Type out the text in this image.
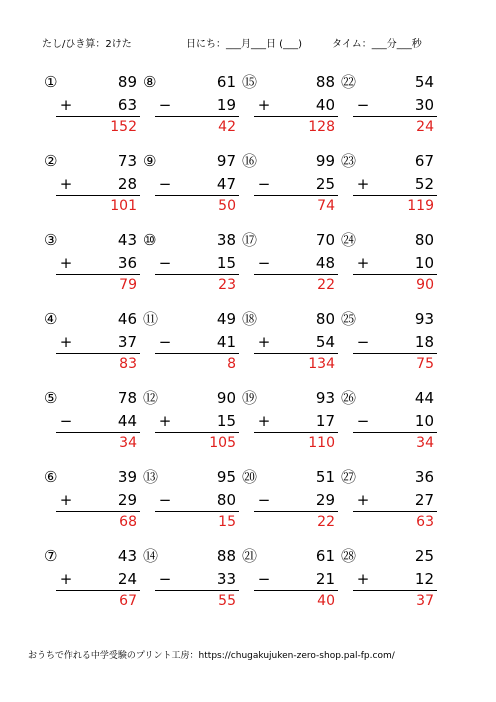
たし/ひき算：2けた	日にち：___月___日 (___)	タイム：___分___秒
①	89
+	63
152
②	73
+	28
101
③	43
+	36
79
④	46
+	37
83
⑤	78
−	44
34
⑥	39
+	29
68
⑦	43
+	24
67
⑧	61
−	19
42
⑨	97
−	47
50
⑩	38
−	15
23
⑪	49
−	41
8
⑫	90
+	15
105
⑬	95
−	80
15
⑭	88
−	33
55
⑮	88
+	40
128
⑯	99
−	25
74
⑰	70
−	48
22
⑱	80
+	54
134
⑲	93
+	17
110
⑳	51
−	29
22
㉑	61
−	21
40
㉒	54
−	30
24
㉓	67
+	52
119
㉔	80
+	10
90
㉕	93
−	18
75
㉖	44
−	10
34
㉗	36
+	27
63
㉘	25
+	12
37
おうちで作れる中学受験のプリント工房：https://chugakujuken-zero-shop.pal-fp.com/
